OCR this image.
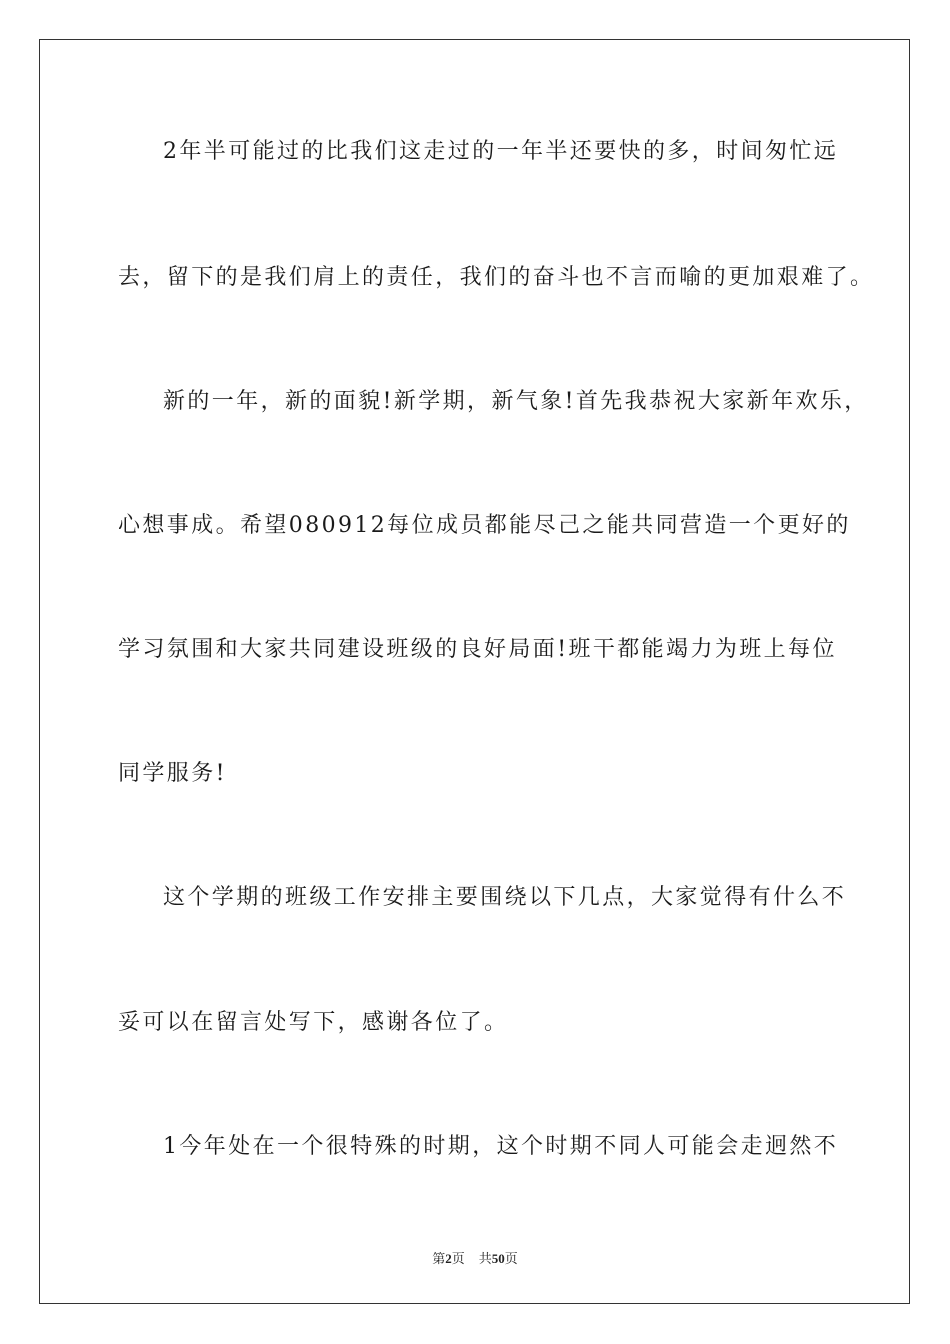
2年半可能过的比我们这走过的一年半还要快的多，时间匆忙远
去，留下的是我们肩上的责任，我们的奋斗也不言而喻的更加艰难了。
新的一年，新的面貌!新学期，新气象!首先我恭祝大家新年欢乐，
心想事成。希望080912每位成员都能尽己之能共同营造一个更好的
学习氛围和大家共同建设班级的良好局面!班干都能竭力为班上每位
同学服务!
这个学期的班级工作安排主要围绕以下几点，大家觉得有什么不
妥可以在留言处写下，感谢各位了。
1今年处在一个很特殊的时期，这个时期不同人可能会走迥然不
第2页 共50页
